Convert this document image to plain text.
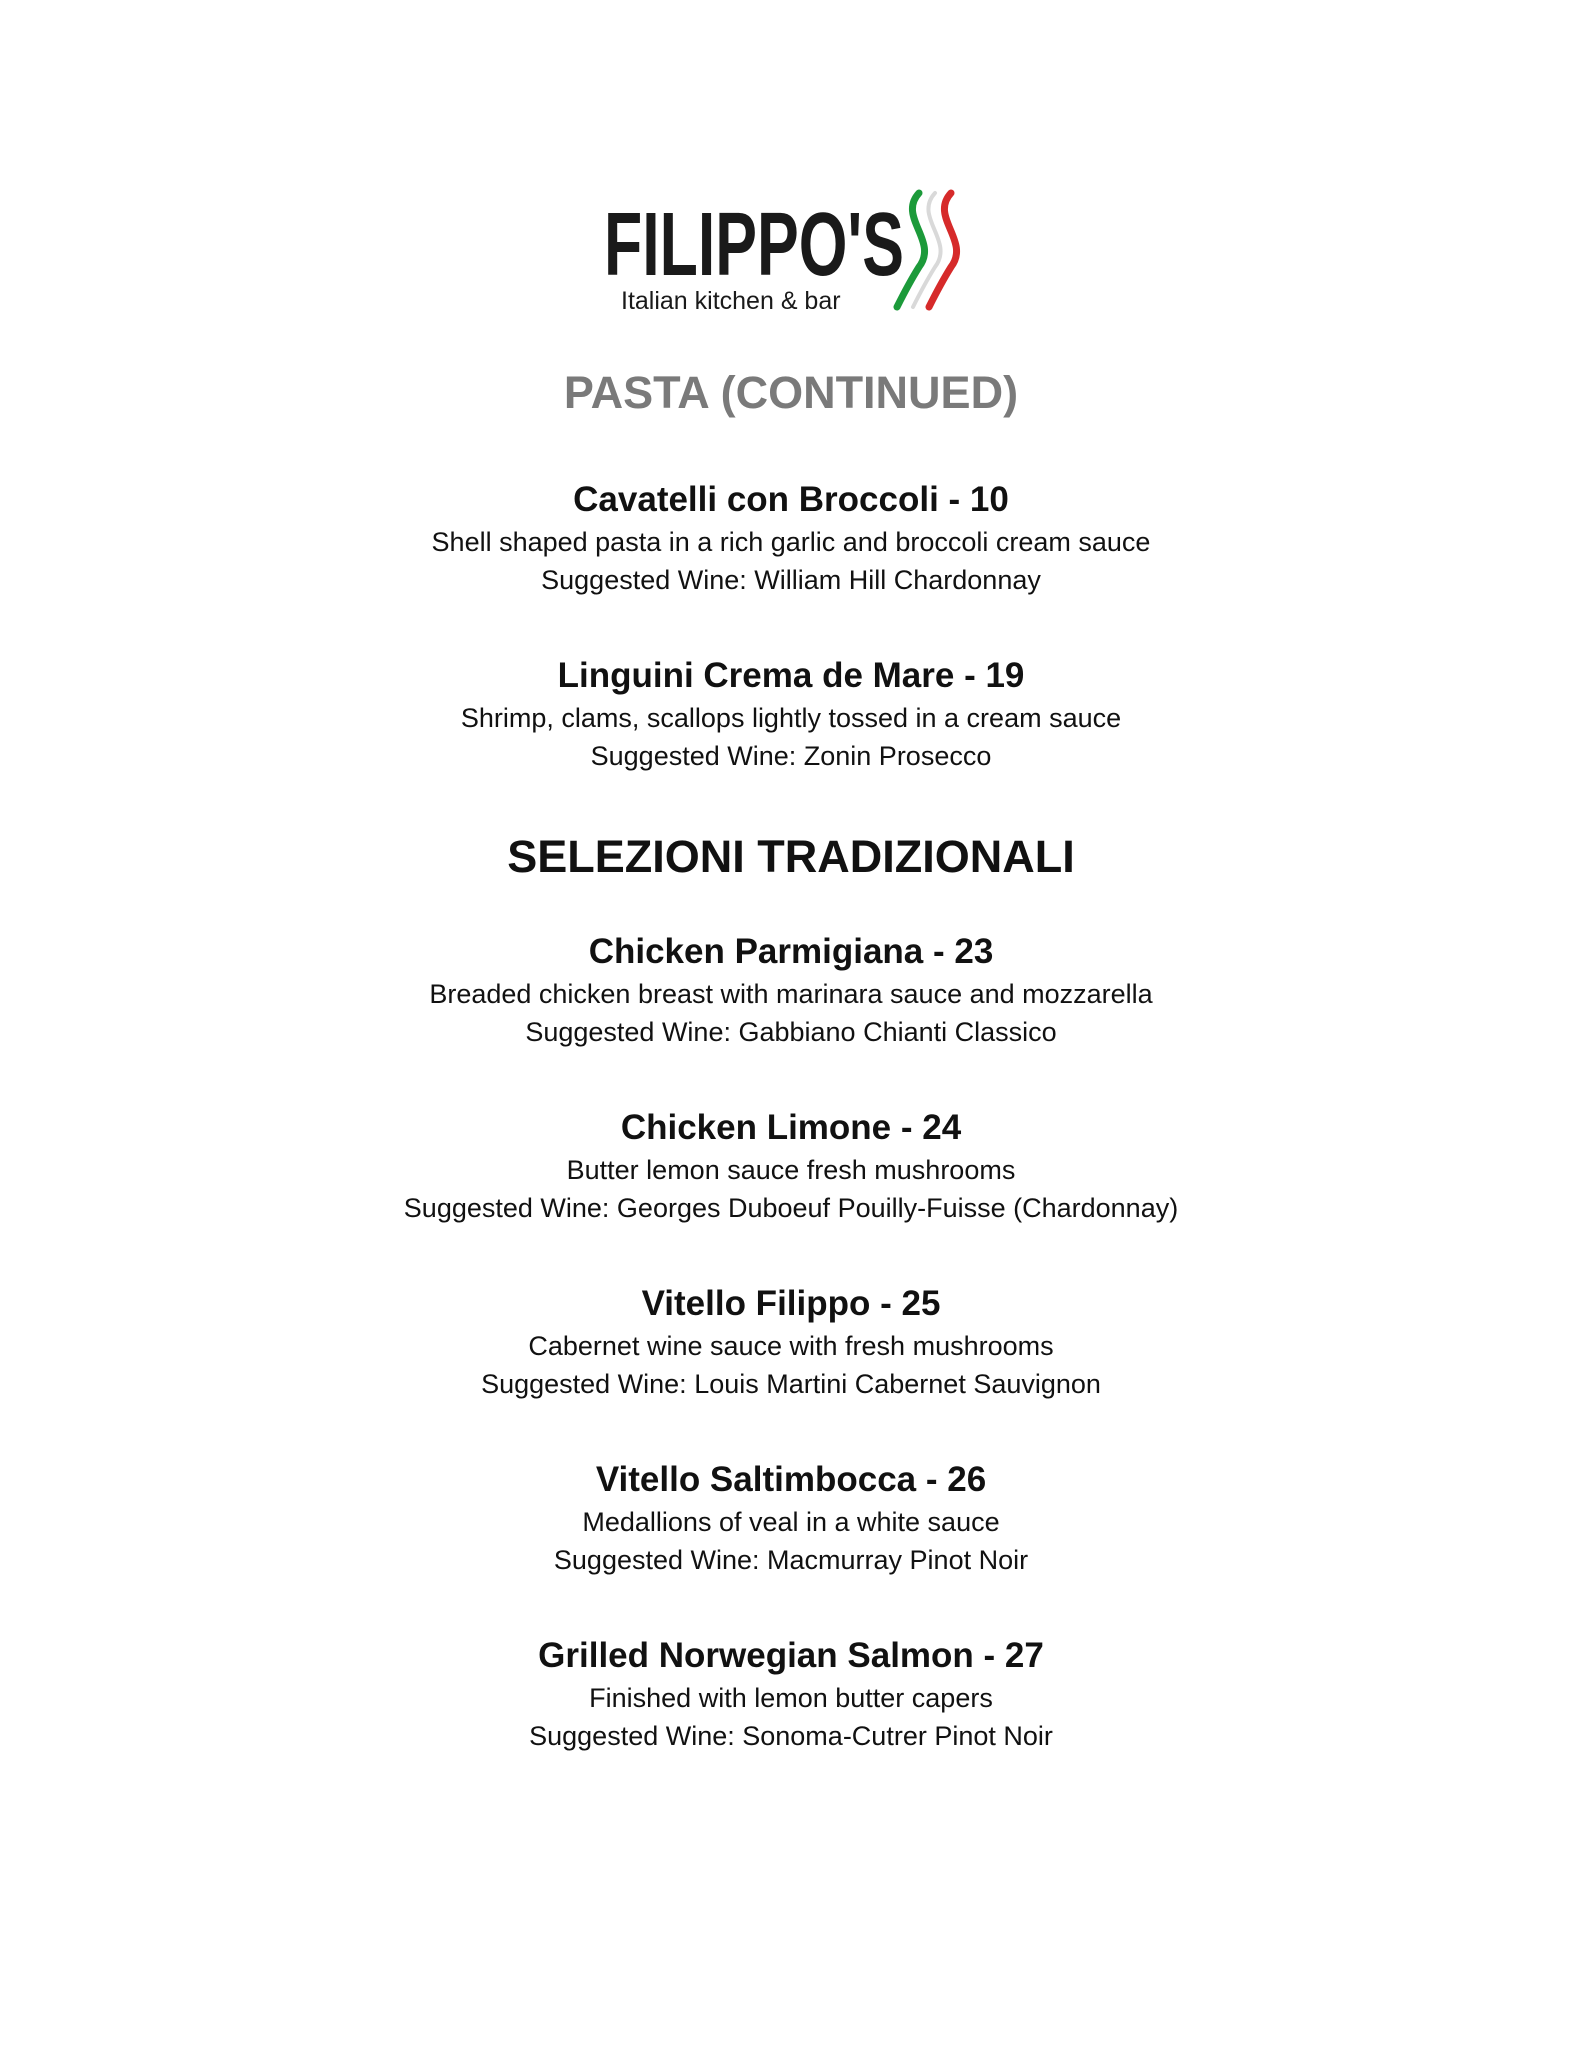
FILIPPO'S
Italian kitchen & bar
PASTA (CONTINUED)
Cavatelli con Broccoli - 10
Shell shaped pasta in a rich garlic and broccoli cream sauce
Suggested Wine: William Hill Chardonnay
Linguini Crema de Mare - 19
Shrimp, clams, scallops lightly tossed in a cream sauce
Suggested Wine: Zonin Prosecco
SELEZIONI TRADIZIONALI
Chicken Parmigiana - 23
Breaded chicken breast with marinara sauce and mozzarella
Suggested Wine: Gabbiano Chianti Classico
Chicken Limone - 24
Butter lemon sauce fresh mushrooms
Suggested Wine: Georges Duboeuf Pouilly-Fuisse (Chardonnay)
Vitello Filippo - 25
Cabernet wine sauce with fresh mushrooms
Suggested Wine: Louis Martini Cabernet Sauvignon
Vitello Saltimbocca - 26
Medallions of veal in a white sauce
Suggested Wine: Macmurray Pinot Noir
Grilled Norwegian Salmon - 27
Finished with lemon butter capers
Suggested Wine: Sonoma-Cutrer Pinot Noir
